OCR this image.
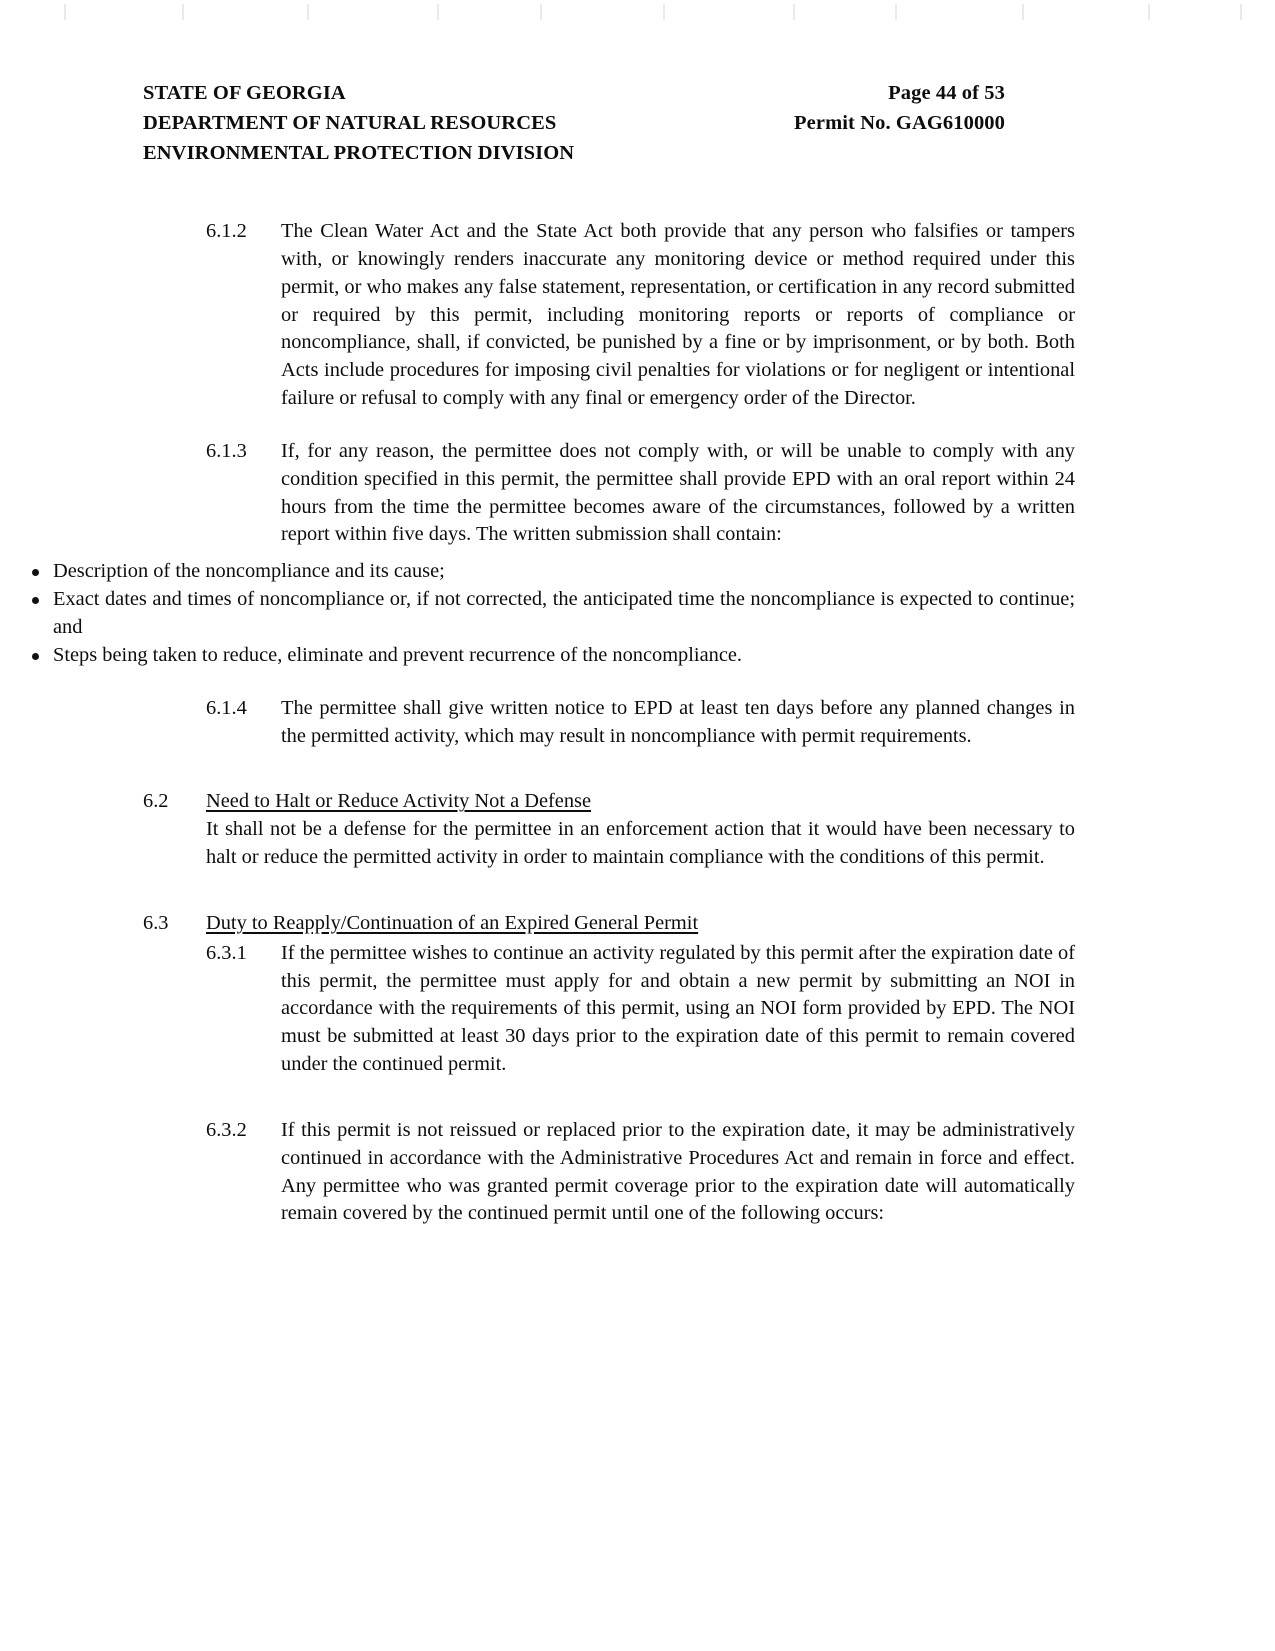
STATE OF GEORGIA
DEPARTMENT OF NATURAL RESOURCES
ENVIRONMENTAL PROTECTION DIVISION
Page 44 of 53
Permit No. GAG610000
6.1.2	The Clean Water Act and the State Act both provide that any person who falsifies or tampers with, or knowingly renders inaccurate any monitoring device or method required under this permit, or who makes any false statement, representation, or certification in any record submitted or required by this permit, including monitoring reports or reports of compliance or noncompliance, shall, if convicted, be punished by a fine or by imprisonment, or by both. Both Acts include procedures for imposing civil penalties for violations or for negligent or intentional failure or refusal to comply with any final or emergency order of the Director.
6.1.3	If, for any reason, the permittee does not comply with, or will be unable to comply with any condition specified in this permit, the permittee shall provide EPD with an oral report within 24 hours from the time the permittee becomes aware of the circumstances, followed by a written report within five days. The written submission shall contain:
Description of the noncompliance and its cause;
Exact dates and times of noncompliance or, if not corrected, the anticipated time the noncompliance is expected to continue; and
Steps being taken to reduce, eliminate and prevent recurrence of the noncompliance.
6.1.4	The permittee shall give written notice to EPD at least ten days before any planned changes in the permitted activity, which may result in noncompliance with permit requirements.
6.2	Need to Halt or Reduce Activity Not a Defense
It shall not be a defense for the permittee in an enforcement action that it would have been necessary to halt or reduce the permitted activity in order to maintain compliance with the conditions of this permit.
6.3	Duty to Reapply/Continuation of an Expired General Permit
6.3.1	If the permittee wishes to continue an activity regulated by this permit after the expiration date of this permit, the permittee must apply for and obtain a new permit by submitting an NOI in accordance with the requirements of this permit, using an NOI form provided by EPD. The NOI must be submitted at least 30 days prior to the expiration date of this permit to remain covered under the continued permit.
6.3.2	If this permit is not reissued or replaced prior to the expiration date, it may be administratively continued in accordance with the Administrative Procedures Act and remain in force and effect. Any permittee who was granted permit coverage prior to the expiration date will automatically remain covered by the continued permit until one of the following occurs:
